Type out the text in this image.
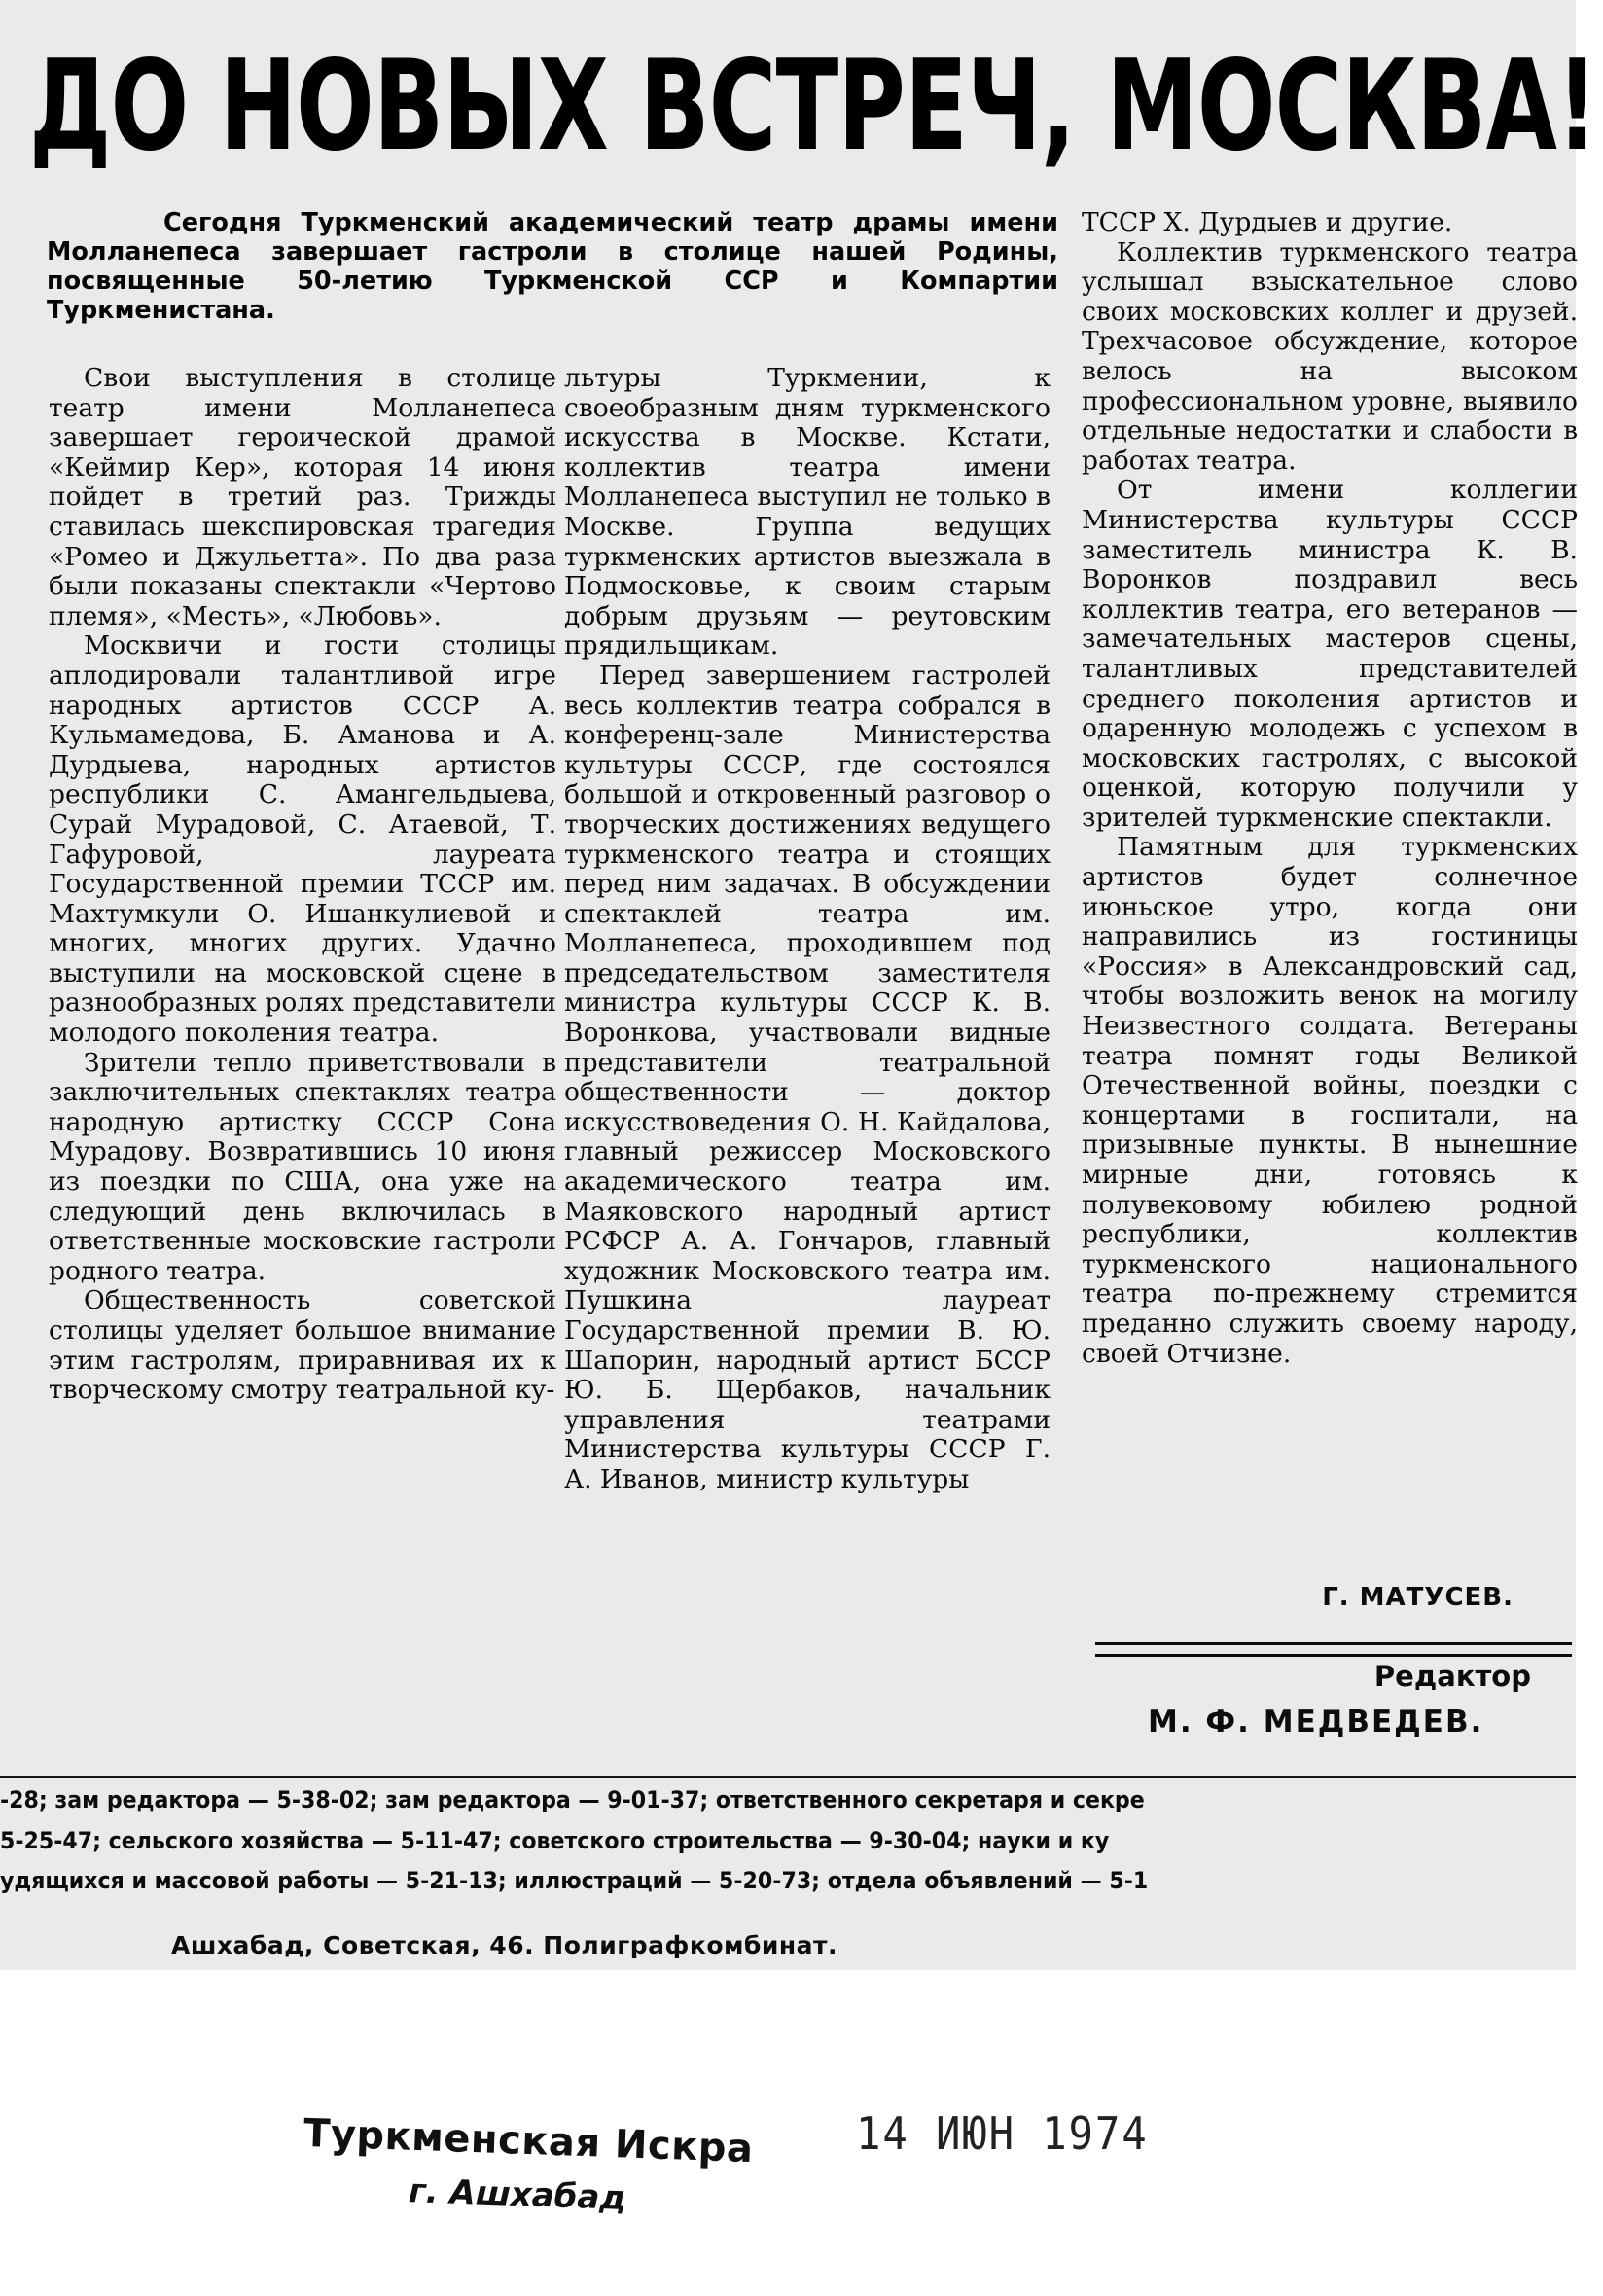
ДО НОВЫХ ВСТРЕЧ, МОСКВА!

Сегодня Туркменский академический театр драмы имени Молланепеса завершает гастроли в столице нашей Родины, посвященные 50-летию Туркменской ССР и Компартии Туркменистана.

Свои выступления в столице театр имени Молланепеса завершает героической драмой «Кеймир Кер», которая 14 июня пойдет в третий раз. Трижды ставилась шекспировская трагедия «Ромео и Джульетта». По два раза были показаны спектакли «Чертово племя», «Месть», «Любовь».

Москвичи и гости столицы аплодировали талантливой игре народных артистов СССР А. Кульмамедова, Б. Аманова и А. Дурдыева, народных артистов республики С. Амангельдыева, Сурай Мурадовой, С. Атаевой, Т. Гафуровой, лауреата Государственной премии ТССР им. Махтумкули О. Ишанкулиевой и многих, многих других. Удачно выступили на московской сцене в разнообразных ролях представители молодого поколения театра.

Зрители тепло приветствовали в заключительных спектаклях театра народную артистку СССР Сона Мурадову. Возвратившись 10 июня из поездки по США, она уже на следующий день включилась в ответственные московские гастроли родного театра.

Общественность советской столицы уделяет большое внимание этим гастролям, приравнивая их к творческому смотру театральной ку-

льтуры Туркмении, к своеобразным дням туркменского искусства в Москве. Кстати, коллектив театра имени Молланепеса выступил не только в Москве. Группа ведущих туркменских артистов выезжала в Подмосковье, к своим старым добрым друзьям — реутовским прядильщикам.

Перед завершением гастролей весь коллектив театра собрался в конференц-зале Министерства культуры СССР, где состоялся большой и откровенный разговор о творческих достижениях ведущего туркменского театра и стоящих перед ним задачах. В обсуждении спектаклей театра им. Молланепеса, проходившем под председательством заместителя министра культуры СССР К. В. Воронкова, участвовали видные представители театральной общественности — доктор искусствоведения О. Н. Кайдалова, главный режиссер Московского академического театра им. Маяковского народный артист РСФСР А. А. Гончаров, главный художник Московского театра им. Пушкина лауреат Государственной премии В. Ю. Шапорин, народный артист БССР Ю. Б. Щербаков, начальник управления театрами Министерства культуры СССР Г. А. Иванов, министр культуры

ТССР Х. Дурдыев и другие.

Коллектив туркменского театра услышал взыскательное слово своих московских коллег и друзей. Трехчасовое обсуждение, которое велось на высоком профессиональном уровне, выявило отдельные недостатки и слабости в работах театра.

От имени коллегии Министерства культуры СССР заместитель министра К. В. Воронков поздравил весь коллектив театра, его ветеранов — замечательных мастеров сцены, талантливых представителей среднего поколения артистов и одаренную молодежь с успехом в московских гастролях, с высокой оценкой, которую получили у зрителей туркменские спектакли.

Памятным для туркменских артистов будет солнечное июньское утро, когда они направились из гостиницы «Россия» в Александровский сад, чтобы возложить венок на могилу Неизвестного солдата. Ветераны театра помнят годы Великой Отечественной войны, поездки с концертами в госпитали, на призывные пункты. В нынешние мирные дни, готовясь к полувековому юбилею родной республики, коллектив туркменского национального театра по-прежнему стремится преданно служить своему народу, своей Отчизне.

Г. МАТУСЕВ.
Редактор
М. Ф. МЕДВЕДЕВ.
-28; зам редактора — 5-38-02; зам редактора — 9-01-37; ответственного секретаря и секре
5-25-47; сельского хозяйства — 5-11-47; советского строительства — 9-30-04; науки и ку
удящихся и массовой работы — 5-21-13; иллюстраций — 5-20-73; отдела объявлений — 5-1
Ашхабад, Советская, 46. Полиграфкомбинат.
Туркменская Искра
г. Ашхабад
14 ИЮН 1974
